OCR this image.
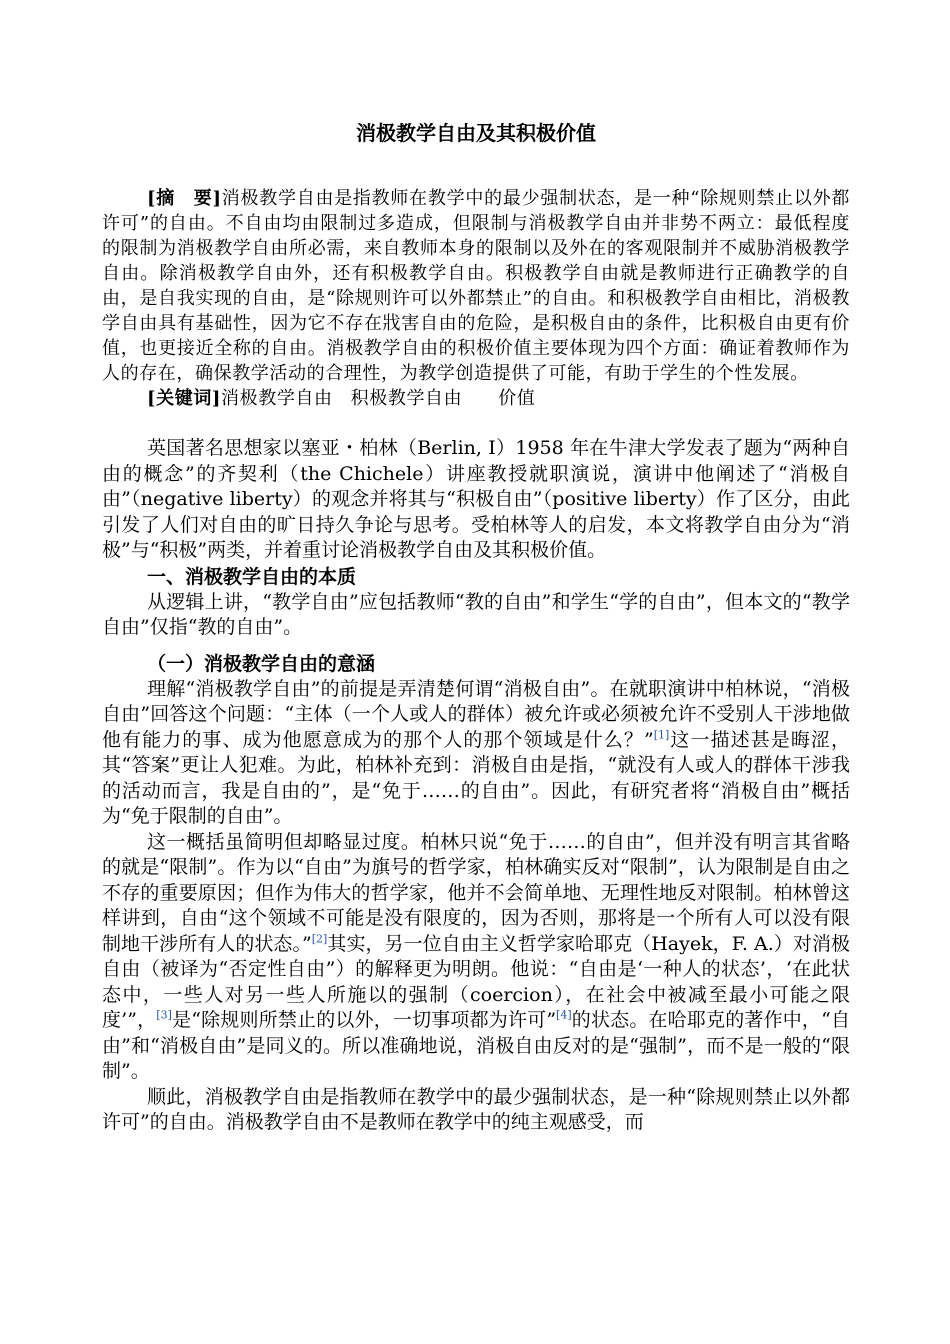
消极教学自由及其积极价值

[摘　要]消极教学自由是指教师在教学中的最少强制状态，是一种“除规则禁止以外都许可”的自由。不自由均由限制过多造成，但限制与消极教学自由并非势不两立：最低程度的限制为消极教学自由所必需，来自教师本身的限制以及外在的客观限制并不威胁消极教学自由。除消极教学自由外，还有积极教学自由。积极教学自由就是教师进行正确教学的自由，是自我实现的自由，是“除规则许可以外都禁止”的自由。和积极教学自由相比，消极教学自由具有基础性，因为它不存在戕害自由的危险，是积极自由的条件，比积极自由更有价值，也更接近全称的自由。消极教学自由的积极价值主要体现为四个方面：确证着教师作为人的存在，确保教学活动的合理性，为教学创造提供了可能，有助于学生的个性发展。

[关键词]消极教学自由 积极教学自由 价值

英国著名思想家以塞亚・柏林（Berlin, I）1958 年在牛津大学发表了题为“两种自由的概念”的齐契利（the Chichele）讲座教授就职演说，演讲中他阐述了“消极自由”（negative liberty）的观念并将其与“积极自由”（positive liberty）作了区分，由此引发了人们对自由的旷日持久争论与思考。受柏林等人的启发，本文将教学自由分为“消极”与“积极”两类，并着重讨论消极教学自由及其积极价值。

一、消极教学自由的本质

从逻辑上讲，“教学自由”应包括教师“教的自由”和学生“学的自由”，但本文的“教学自由”仅指“教的自由”。

（一）消极教学自由的意涵

理解“消极教学自由”的前提是弄清楚何谓“消极自由”。在就职演讲中柏林说，“消极自由”回答这个问题：“主体（一个人或人的群体）被允许或必须被允许不受别人干涉地做他有能力的事、成为他愿意成为的那个人的那个领域是什么？”[1]这一描述甚是晦涩，其“答案”更让人犯难。为此，柏林补充到：消极自由是指，“就没有人或人的群体干涉我的活动而言，我是自由的”，是“免于……的自由”。因此，有研究者将“消极自由”概括为“免于限制的自由”。

这一概括虽简明但却略显过度。柏林只说“免于……的自由”，但并没有明言其省略的就是“限制”。作为以“自由”为旗号的哲学家，柏林确实反对“限制”，认为限制是自由之不存的重要原因；但作为伟大的哲学家，他并不会简单地、无理性地反对限制。柏林曾这样讲到，自由“这个领域不可能是没有限度的，因为否则，那将是一个所有人可以没有限制地干涉所有人的状态。”[2]其实，另一位自由主义哲学家哈耶克（Hayek，F. A.）对消极自由（被译为“否定性自由”）的解释更为明朗。他说：“自由是‘一种人的状态’，‘在此状态中，一些人对另一些人所施以的强制（coercion），在社会中被减至最小可能之限度’”，[3]是“除规则所禁止的以外，一切事项都为许可”[4]的状态。在哈耶克的著作中，“自由”和“消极自由”是同义的。所以准确地说，消极自由反对的是“强制”，而不是一般的“限制”。

顺此，消极教学自由是指教师在教学中的最少强制状态，是一种“除规则禁止以外都许可”的自由。消极教学自由不是教师在教学中的纯主观感受，而
